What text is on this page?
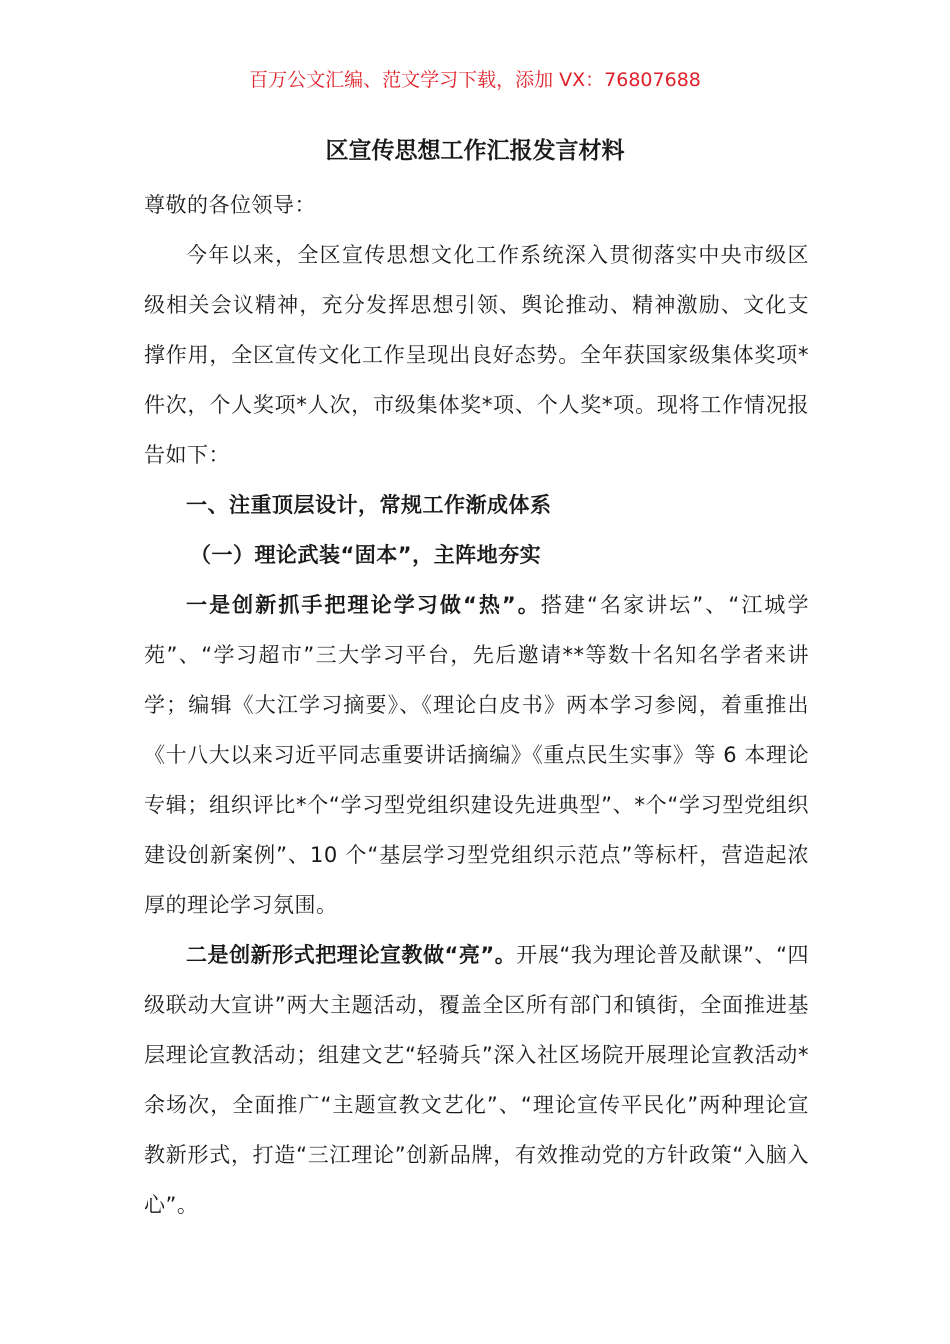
百万公文汇编、范文学习下载，添加 VX：76807688
区宣传思想工作汇报发言材料

尊敬的各位领导：

今年以来，全区宣传思想文化工作系统深入贯彻落实中央市级区级相关会议精神，充分发挥思想引领、舆论推动、精神激励、文化支撑作用，全区宣传文化工作呈现出良好态势。全年获国家级集体奖项*件次，个人奖项*人次，市级集体奖*项、个人奖*项。现将工作情况报告如下：

一、注重顶层设计，常规工作渐成体系

（一）理论武装“固本”，主阵地夯实

一是创新抓手把理论学习做“热”。搭建“名家讲坛”、“江城学苑”、“学习超市”三大学习平台，先后邀请**等数十名知名学者来讲学；编辑《大江学习摘要》、《理论白皮书》两本学习参阅，着重推出《十八大以来习近平同志重要讲话摘编》《重点民生实事》等 6 本理论专辑；组织评比*个“学习型党组织建设先进典型”、*个“学习型党组织建设创新案例”、10 个“基层学习型党组织示范点”等标杆，营造起浓厚的理论学习氛围。

二是创新形式把理论宣教做“亮”。开展“我为理论普及献课”、“四级联动大宣讲”两大主题活动，覆盖全区所有部门和镇街，全面推进基层理论宣教活动；组建文艺“轻骑兵”深入社区场院开展理论宣教活动*余场次，全面推广“主题宣教文艺化”、“理论宣传平民化”两种理论宣教新形式，打造“三江理论”创新品牌，有效推动党的方针政策“入脑入心”。
